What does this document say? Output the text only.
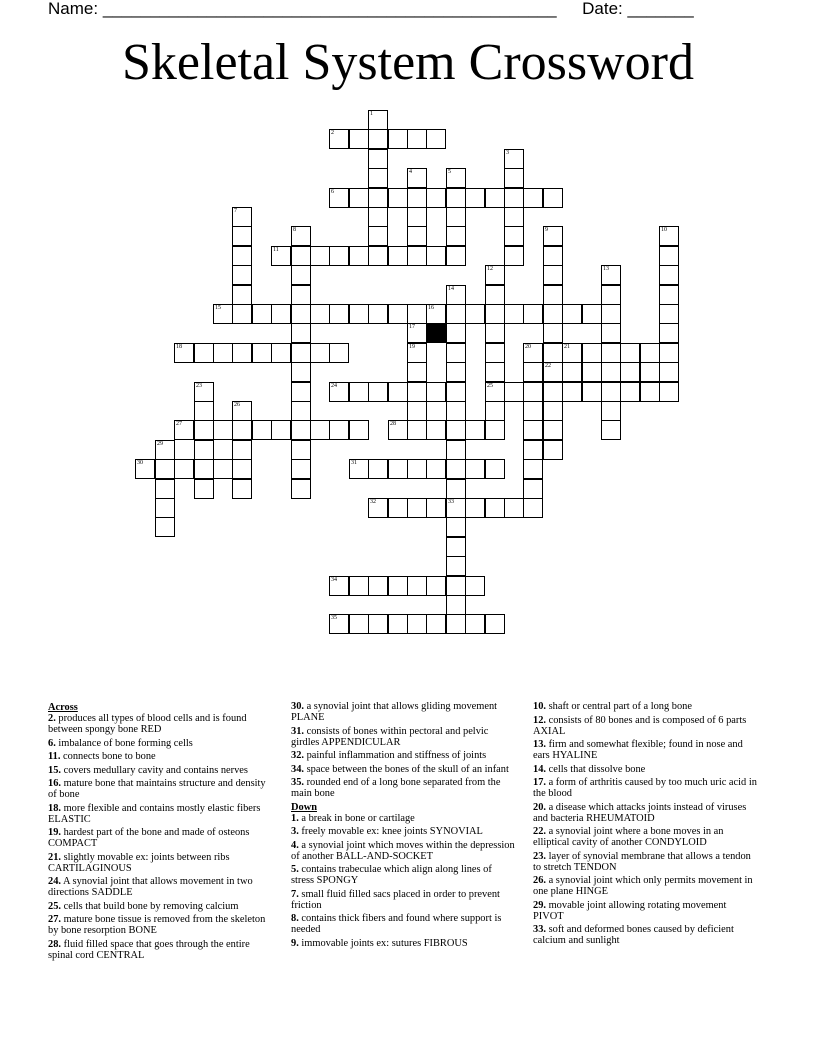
Name: ________________________________________________ Date: _______
Skeletal System Crossword
1
2
3
4	5
6
7
8	9
22
10
11
12
25
13
14
33
15	16
17
18	19	20	21
23	24
26
27	28
29
30	31
32
34
35
Across
2. produces all types of blood cells and is found between spongy bone RED
6. imbalance of bone forming cells
11. connects bone to bone
15. covers medullary cavity and contains nerves
16. mature bone that maintains structure and density of bone
18. more flexible and contains mostly elastic fibers ELASTIC
19. hardest part of the bone and made of osteons COMPACT
21. slightly movable ex: joints between ribs CARTILAGINOUS
24. A synovial joint that allows movement in two directions SADDLE
25. cells that build bone by removing calcium
27. mature bone tissue is removed from the skeleton by bone resorption BONE
28. fluid filled space that goes through the entire spinal cord CENTRAL
30. a synovial joint that allows gliding movement PLANE
31. consists of bones within pectoral and pelvic girdles APPENDICULAR
32. painful inflammation and stiffness of joints
34. space between the bones of the skull of an infant
35. rounded end of a long bone separated from the main bone
Down
1. a break in bone or cartilage
3. freely movable ex: knee joints SYNOVIAL
4. a synovial joint which moves within the depression of another BALL-AND-SOCKET
5. contains trabeculae which align along lines of stress SPONGY
7. small fluid filled sacs placed in order to prevent friction
8. contains thick fibers and found where support is needed
9. immovable joints ex: sutures FIBROUS
10. shaft or central part of a long bone
12. consists of 80 bones and is composed of 6 parts AXIAL
13. firm and somewhat flexible; found in nose and ears HYALINE
14. cells that dissolve bone
17. a form of arthritis caused by too much uric acid in the blood
20. a disease which attacks joints instead of viruses and bacteria RHEUMATOID
22. a synovial joint where a bone moves in an elliptical cavity of another CONDYLOID
23. layer of synovial membrane that allows a tendon to stretch TENDON
26. a synovial joint which only permits movement in one plane HINGE
29. movable joint allowing rotating movement PIVOT
33. soft and deformed bones caused by deficient calcium and sunlight
